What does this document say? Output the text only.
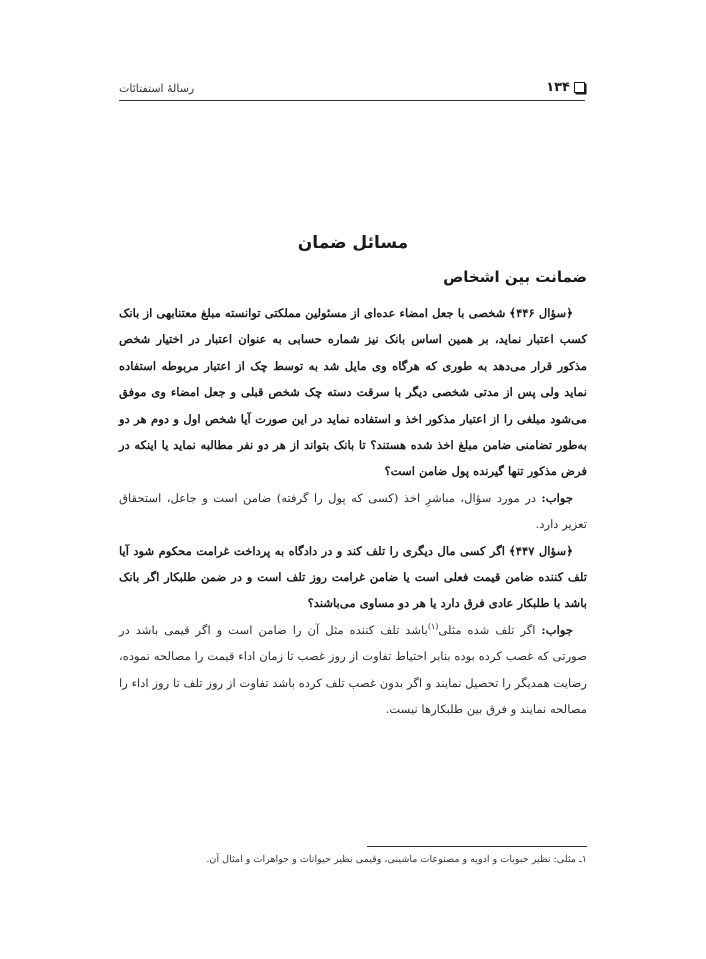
رسالۀ استفتائات	۱۳۴
مسائل ضمان
ضمانت بين اشخاص

﴿سؤال ۴۴۶﴾ شخصی با جعل امضاء عده‌ای از مسئولين مملكتی توانسته مبلغ معتنابهی از بانک كسب اعتبار نمايد، بر همين اساس بانک نيز شماره حسابی به عنوان اعتبار در اختيار شخص مذكور قرار می‌دهد به طوری كه هرگاه وی مايل شد به توسط چک از اعتبار مربوطه استفاده نمايد ولی پس از مدتی شخصی ديگر با سرقت دسته چک شخص قبلی و جعل امضاء وی موفق می‌شود مبلغی را از اعتبار مذكور اخذ و استفاده نمايد در اين صورت آيا شخص اول و دوم هر دو به‌طور تضامنی ضامن مبلغ اخذ شده هستند؟ تا بانک بتواند از هر دو نفر مطالبه نمايد يا اينكه در فرض مذكور تنها گيرنده پول ضامن است؟

جواب: در مورد سؤال، مباشرِ اخذ (كسی كه پول را گرفته) ضامن است و جاعل، استحقاق تعزير دارد.

﴿سؤال ۴۴۷﴾ اگر كسی مال ديگری را تلف كند و در دادگاه به پرداخت غرامت محكوم شود آيا تلف كننده ضامن قيمت فعلی است يا ضامن غرامت روز تلف است و در ضمن طلبكار اگر بانک باشد با طلبكار عادی فرق دارد يا هر دو مساوی می‌باشند؟

جواب: اگر تلف شده مثلی$^{(۱)}$باشد تلف كننده مثل آن را ضامن است و اگر قيمی باشد در صورتی كه غصب كرده بوده بنابر احتياط تفاوت از روز غصب تا زمان اداء قيمت را مصالحه نموده، رضايت همديگر را تحصيل نمايند و اگر بدون غصب تلف كرده باشد تفاوت از روز تلف تا روز اداء را مصالحه نمايند و فرق بين طلبكارها نيست.

۱ـ مثلی: نظير حبوبات و ادويه و مصنوعات ماشينی، وقيمی نظير حيوانات و جواهرات و امثال آن.
